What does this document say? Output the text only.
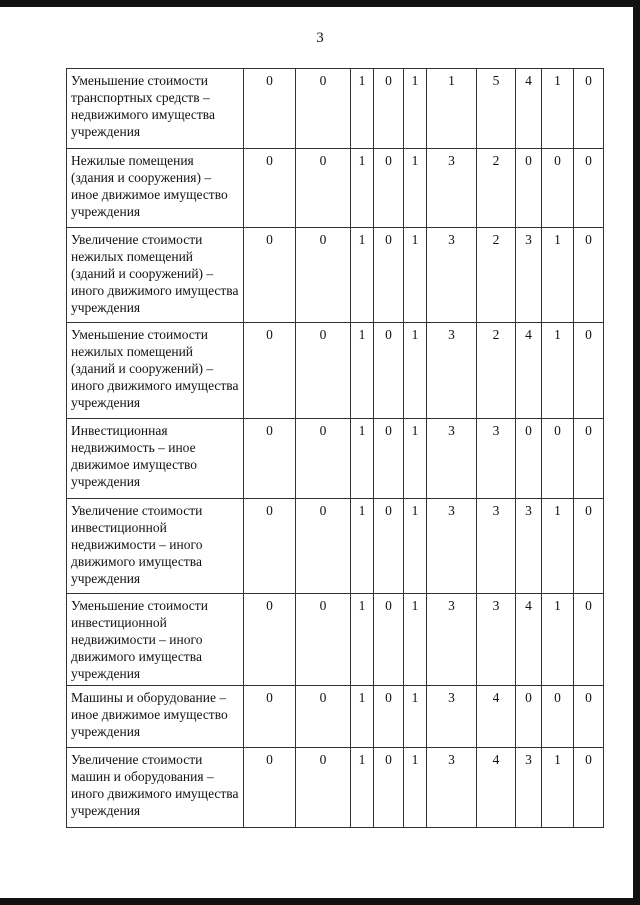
3
Уменьшение стоимости транспортных средств – недвижимого имущества учреждения	0	0	1	0	1	1	5	4	1	0
Нежилые помещения (здания и сооружения) – иное движимое имущество учреждения	0	0	1	0	1	3	2	0	0	0
Увеличение стоимости нежилых помещений (зданий и сооружений) – иного движимого имущества учреждения	0	0	1	0	1	3	2	3	1	0
Уменьшение стоимости нежилых помещений (зданий и сооружений) – иного движимого имущества учреждения	0	0	1	0	1	3	2	4	1	0
Инвестиционная недвижимость – иное движимое имущество учреждения	0	0	1	0	1	3	3	0	0	0
Увеличение стоимости инвестиционной недвижимости – иного движимого имущества учреждения	0	0	1	0	1	3	3	3	1	0
Уменьшение стоимости инвестиционной недвижимости – иного движимого имущества учреждения	0	0	1	0	1	3	3	4	1	0
Машины и оборудование – иное движимое имущество учреждения	0	0	1	0	1	3	4	0	0	0
Увеличение стоимости машин и оборудования – иного движимого имущества учреждения	0	0	1	0	1	3	4	3	1	0
